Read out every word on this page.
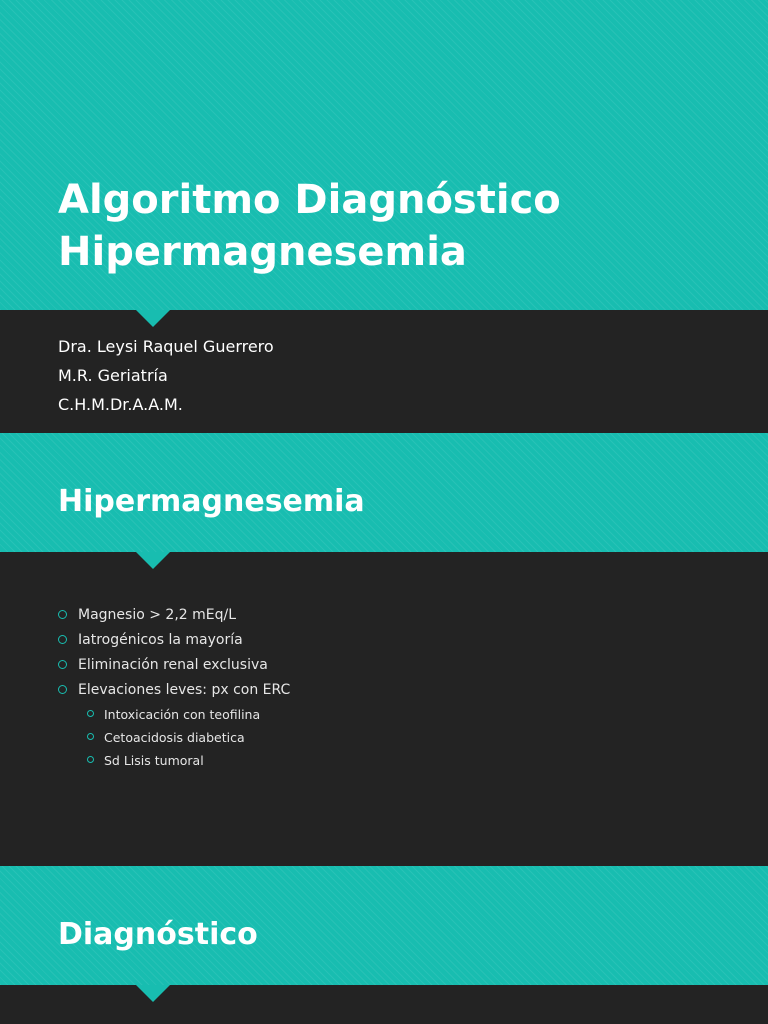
Algoritmo Diagnóstico
Hipermagnesemia

Dra. Leysi Raquel Guerrero

M.R. Geriatría

C.H.M.Dr.A.A.M.

Hipermagnesemia
Magnesio > 2,2 mEq/L
Iatrogénicos la mayoría
Eliminación renal exclusiva
Elevaciones leves: px con ERC
Intoxicación con teofilina
Cetoacidosis diabetica
Sd Lisis tumoral
Diagnóstico
